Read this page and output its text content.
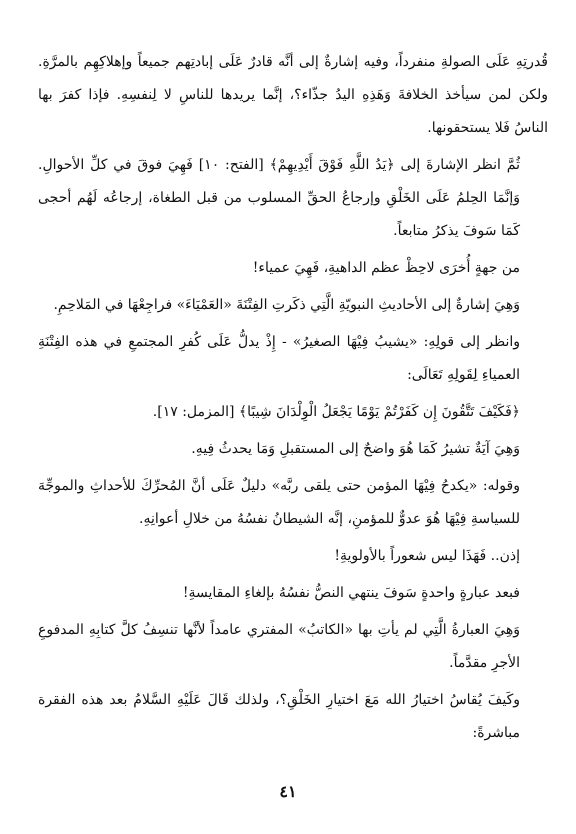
قُدرتِهِ عَلَى الصولةِ منفرداً، وفيه إشارةٌ إلى أنَّه قادرٌ عَلَى إبادتِهم جميعاً وإهلاكِهِم بالمرَّةِ. ولكن لمن سيأخذ الخلافةَ وَهَذِهِ اليدُ جذّاء؟، إنَّما يريدها للناسِ لا لِنفسِهِ. فإذا كفرَ بها الناسُ فَلا يستحقونها.

ثُمَّ انظر الإشارةَ إلى ﴿يَدُ اللَّهِ فَوْقَ أَيْدِيهِمْ﴾ [الفتح: ١٠] فَهِيَ فوقَ في كلِّ الأحوالِ. وَإنَّمَا الحِلمُ عَلَى الخَلْقِ وإرجاعُ الحقِّ المسلوب من قبل الطغاة، إرجاعُه لَهُم أحجى كَمَا سَوفَ يذكرُ متابعاً.

من جهةٍ أُخرَى لاحِظْ عظم الداهيةِ، فَهِيَ عمياء!

وَهِيَ إشارةٌ إلى الأحاديثِ النبويّةِ الَّتِي ذكَرتِ الفِتْنَةَ «العَمْيَاءَ» فراجِعْهَا في المَلاحِمِ.

وانظر إلى قولِهِ: «يشيبُ فِيْهَا الصغيرُ» - إِذْ يدلُّ عَلَى كُفرِ المجتمعِ في هذه الفِتْنَةِ العمياءِ لِقَولِهِ تَعَالَى:

﴿فَكَيْفَ تَتَّقُونَ إِن كَفَرْتُمْ يَوْمًا يَجْعَلُ الْوِلْدَانَ شِيبًا﴾ [المزمل: ١٧].

وَهِيَ آيَةٌ تشيرُ كَمَا هُوَ واضحٌ إلى المستقبلِ وَمَا يحدثُ فِيهِ.

وقوله: «يكدحُ فِيْهَا المؤمن حتى يلقى ربَّه» دليلٌ عَلَى أنَّ المُحرِّكَ للأحداثِ والموجِّهَ للسياسةِ فِيْهَا هُوَ عدوٌّ للمؤمنِ، إنَّه الشيطانُ نفسُهُ من خلالِ أعوانِهِ.

إذن.. فَهَذَا ليس شعوراً بالأولويةِ!

فبعد عبارةٍ واحدةٍ سَوفَ ينتهي النصُّ نفسُهُ بإلغاءِ المقايسةِ!

وَهِيَ العبارةُ الَّتِي لم يأتِ بها «الكاتبُ» المفتري عامداً لأنَّها تنسِفُ كلَّ كتابِهِ المدفوعِ الأجرِ مقدَّماً.

وكَيفَ يُقاسُ اختيارُ الله مَعَ اختيارِ الخَلْقِ؟، ولذلك قَالَ عَلَيْهِ السَّلامُ بعد هذه الفقرة مباشرةً:

٤١
